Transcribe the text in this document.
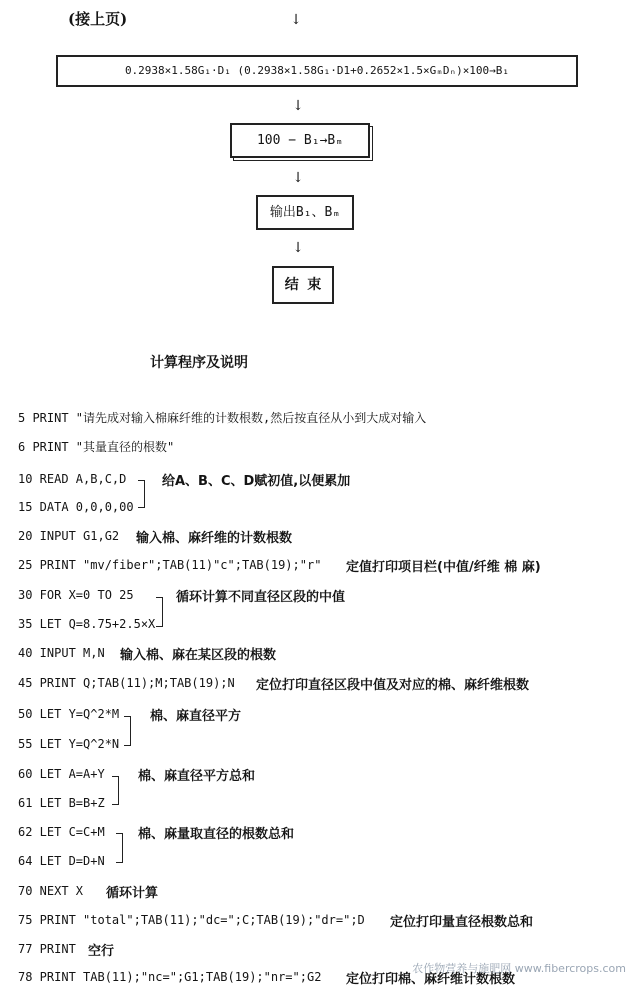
(接上页)	↓
0.2938×1.58G₁·D₁ (0.2938×1.58G₁·D1+0.2652×1.5×GₘDₙ)×100→B₁
↓
100 − B₁→Bₘ
↓
输出B₁、Bₘ
↓
结 束
计算程序及说明
5 PRINT "请先成对输入棉麻纤维的计数根数,然后按直径从小到大成对输入
6 PRINT "其量直径的根数"
10 READ A,B,C,D	给A、B、C、D赋初值,以便累加
15 DATA 0,0,0,00
20 INPUT G1,G2 输入棉、麻纤维的计数根数
25 PRINT "mv/fiber";TAB(11)"c";TAB(19);"r" 定值打印项目栏(中值/纤维 棉 麻)
30 FOR X=0 TO 25	循环计算不同直径区段的中值
35 LET Q=8.75+2.5×X
40 INPUT M,N 输入棉、麻在某区段的根数
45 PRINT Q;TAB(11);M;TAB(19);N 定位打印直径区段中值及对应的棉、麻纤维根数
50 LET Y=Q^2*M 棉、麻直径平方
55 LET Y=Q^2*N
60 LET A=A+Y	棉、麻直径平方总和
61 LET B=B+Z
62 LET C=C+M	棉、麻量取直径的根数总和
64 LET D=D+N
70 NEXT X 循环计算
75 PRINT "total";TAB(11);"dc=";C;TAB(19);"dr=";D 定位打印量直径根数总和
77 PRINT 空行
78 PRINT TAB(11);"nc=";G1;TAB(19);"nr=";G2 定位打印棉、麻纤维计数根数
农作物营养与施肥网 www.fibercrops.com
